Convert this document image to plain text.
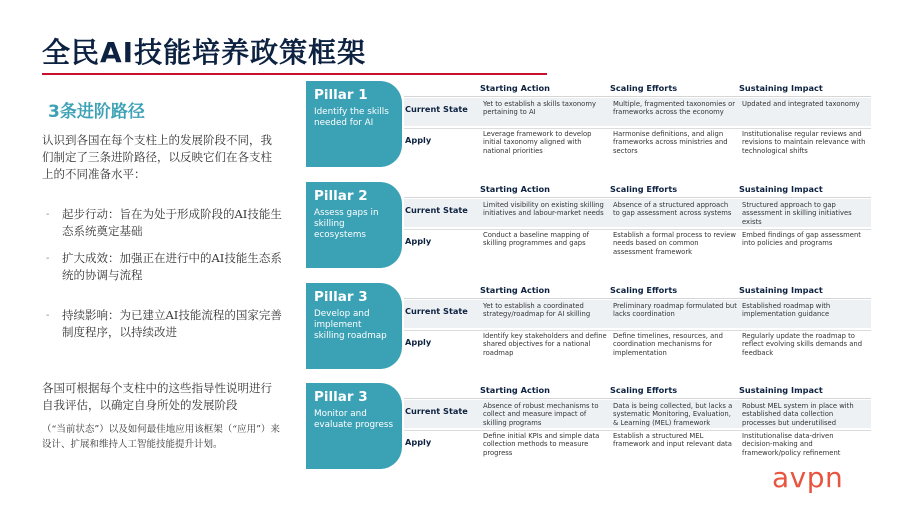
全民AI技能培养政策框架
3条进阶路径
认识到各国在每个支柱上的发展阶段不同，我们制定了三条进阶路径，以反映它们在各支柱上的不同准备水平：
- 起步行动：旨在为处于形成阶段的AI技能生态系统奠定基础
- 扩大成效：加强正在进行中的AI技能生态系统的协调与流程
- 持续影响：为已建立AI技能流程的国家完善制度程序，以持续改进
各国可根据每个支柱中的这些指导性说明进行自我评估，以确定自身所处的发展阶段
（“当前状态”）以及如何最佳地应用该框架（“应用”）来设计、扩展和维持人工智能技能提升计划。
Pillar 1
Identify the skills needed for AI
Starting Action	Scaling Efforts	Sustaining Impact
Current State Yet to establish a skills taxonomy pertaining to AI
Multiple, fragmented taxonomies or frameworks across the economy
Updated and integrated taxonomy
Apply
Leverage framework to develop initial taxonomy aligned with national priorities
Harmonise definitions, and align frameworks across ministries and sectors
Institutionalise regular reviews and revisions to maintain relevance with technological shifts
Pillar 2
Assess gaps in skilling ecosystems
Starting Action	Scaling Efforts	Sustaining Impact
Current State Limited visibility on existing skilling initiatives and labour-market needs
Absence of a structured approach to gap assessment across systems
Structured approach to gap assessment in skilling initiatives exists
Apply
Conduct a baseline mapping of skilling programmes and gaps
Establish a formal process to review needs based on common assessment framework
Embed findings of gap assessment into policies and programs
Pillar 3
Develop and implement skilling roadmap
Starting Action	Scaling Efforts	Sustaining Impact
Current State Yet to establish a coordinated strategy/roadmap for AI skilling
Preliminary roadmap formulated but lacks coordination
Established roadmap with implementation guidance
Apply
Identify key stakeholders and define shared objectives for a national roadmap
Define timelines, resources, and coordination mechanisms for implementation
Regularly update the roadmap to reflect evolving skills demands and feedback
Pillar 3
Monitor and evaluate progress
Starting Action	Scaling Efforts	Sustaining Impact
Current State Absence of robust mechanisms to collect and measure impact of skilling programs
Data is being collected, but lacks a systematic Monitoring, Evaluation, & Learning (MEL) framework
Robust MEL system in place with established data collection processes but underutilised
Apply
Define initial KPIs and simple data collection methods to measure progress
Establish a structured MEL framework and input relevant data
Institutionalise data-driven decision-making and framework/policy refinement
avpn
